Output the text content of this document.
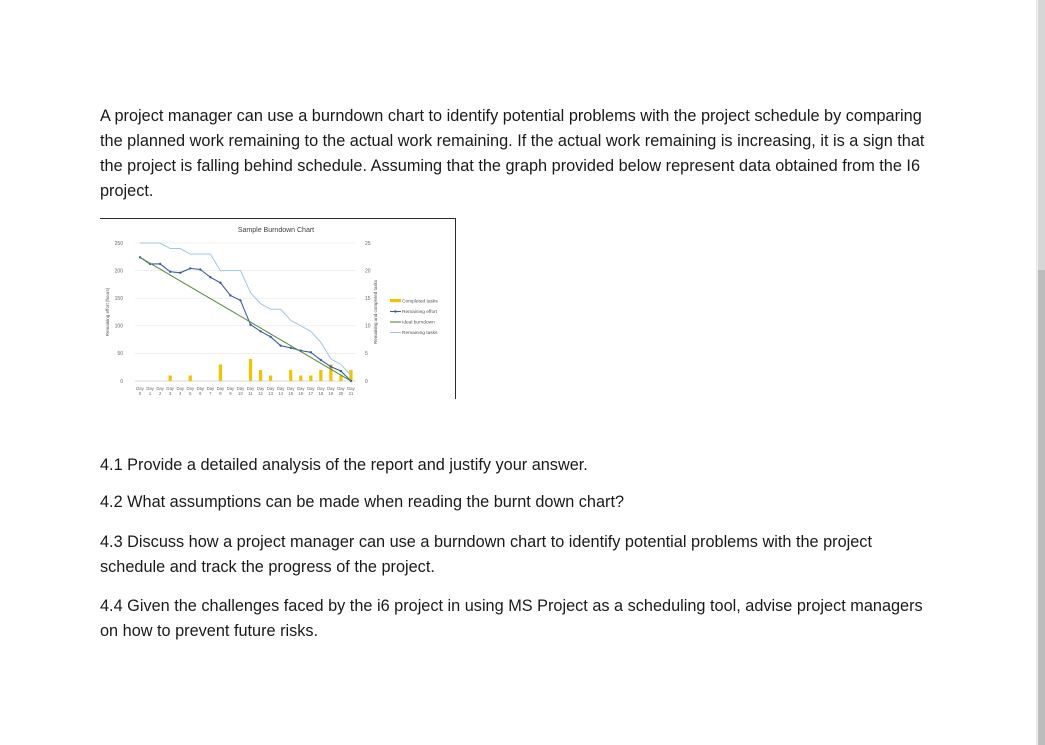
A project manager can use a burndown chart to identify potential problems with the project schedule by comparing the planned work remaining to the actual work remaining. If the actual work remaining is increasing, it is a sign that the project is falling behind schedule. Assuming that the graph provided below represent data obtained from the I6 project.

Sample Burndown Chart
Remaining effort (hours)	Remaining and completed tasks
0
50
100
150
200
250
0
5
10
15
20
25
Day
0
Day
1
Day
2
Day
3
Day
4
Day
5
Day
6
Day
7
Day
8
Day
9
Day
10
Day
11
Day
12
Day
13
Day
14
Day
15
Day
16
Day
17
Day
18
Day
19
Day
20
Day
21
Completed tasks
Remaining effort
Ideal burndown
Remaining tasks

4.1 Provide a detailed analysis of the report and justify your answer.

4.2 What assumptions can be made when reading the burnt down chart?

4.3 Discuss how a project manager can use a burndown chart to identify potential problems with the project schedule and track the progress of the project.

4.4 Given the challenges faced by the i6 project in using MS Project as a scheduling tool, advise project managers on how to prevent future risks.
